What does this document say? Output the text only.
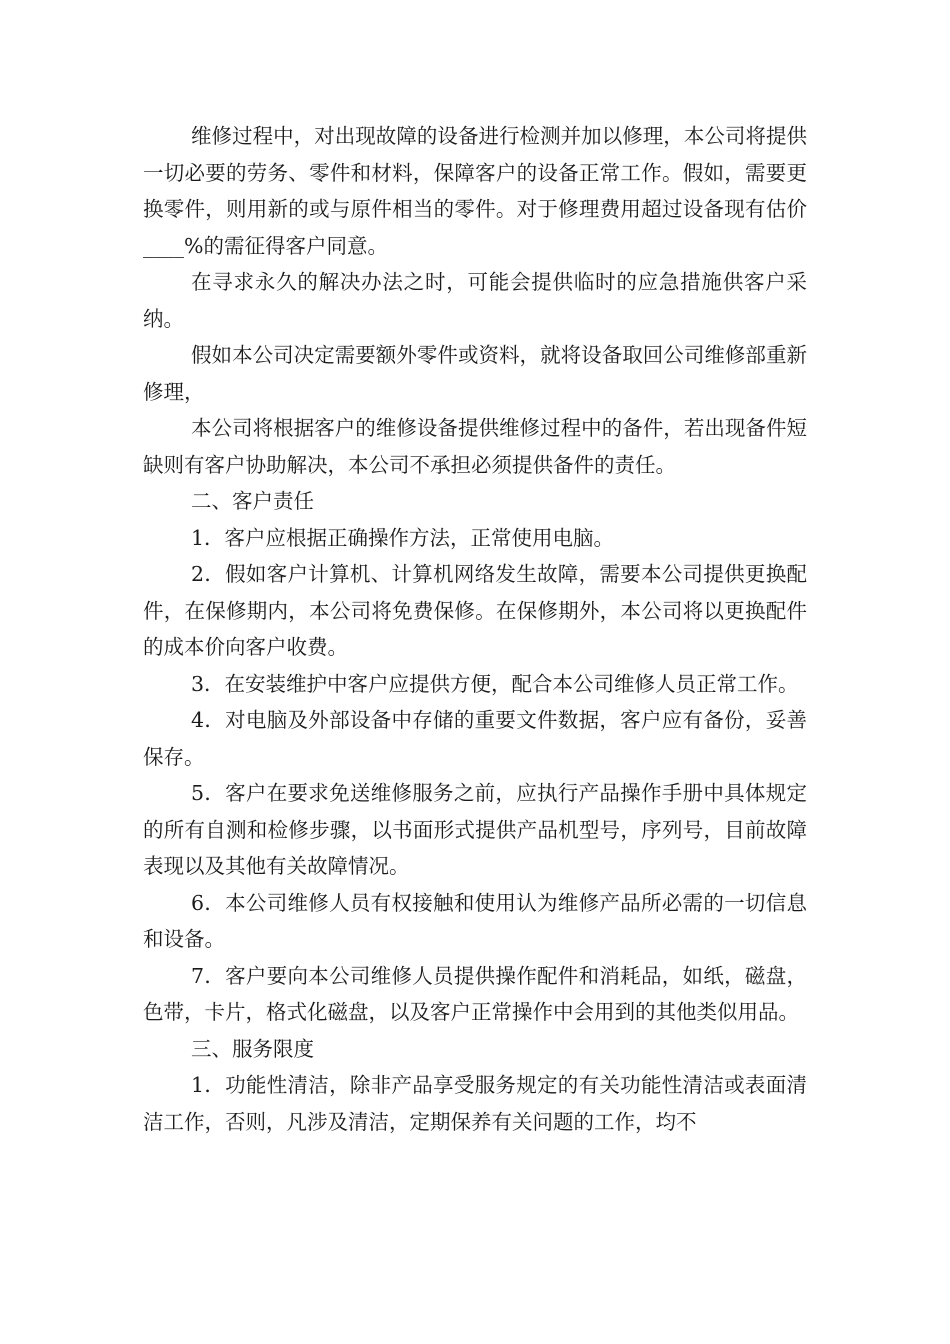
维修过程中，对出现故障的设备进行检测并加以修理，本公司将提供一切必要的劳务、零件和材料，保障客户的设备正常工作。假如，需要更换零件，则用新的或与原件相当的零件。对于修理费用超过设备现有估价____%的需征得客户同意。

在寻求永久的解决办法之时，可能会提供临时的应急措施供客户采纳。

假如本公司决定需要额外零件或资料，就将设备取回公司维修部重新修理，

本公司将根据客户的维修设备提供维修过程中的备件，若出现备件短缺则有客户协助解决，本公司不承担必须提供备件的责任。

二、客户责任

1．客户应根据正确操作方法，正常使用电脑。

2．假如客户计算机、计算机网络发生故障，需要本公司提供更换配件，在保修期内，本公司将免费保修。在保修期外，本公司将以更换配件的成本价向客户收费。

3．在安装维护中客户应提供方便，配合本公司维修人员正常工作。

4．对电脑及外部设备中存储的重要文件数据，客户应有备份，妥善保存。

5．客户在要求免送维修服务之前，应执行产品操作手册中具体规定的所有自测和检修步骤，以书面形式提供产品机型号，序列号，目前故障表现以及其他有关故障情况。

6．本公司维修人员有权接触和使用认为维修产品所必需的一切信息和设备。

7．客户要向本公司维修人员提供操作配件和消耗品，如纸，磁盘，色带，卡片，格式化磁盘，以及客户正常操作中会用到的其他类似用品。

三、服务限度

1．功能性清洁，除非产品享受服务规定的有关功能性清洁或表面清洁工作，否则，凡涉及清洁，定期保养有关问题的工作，均不
